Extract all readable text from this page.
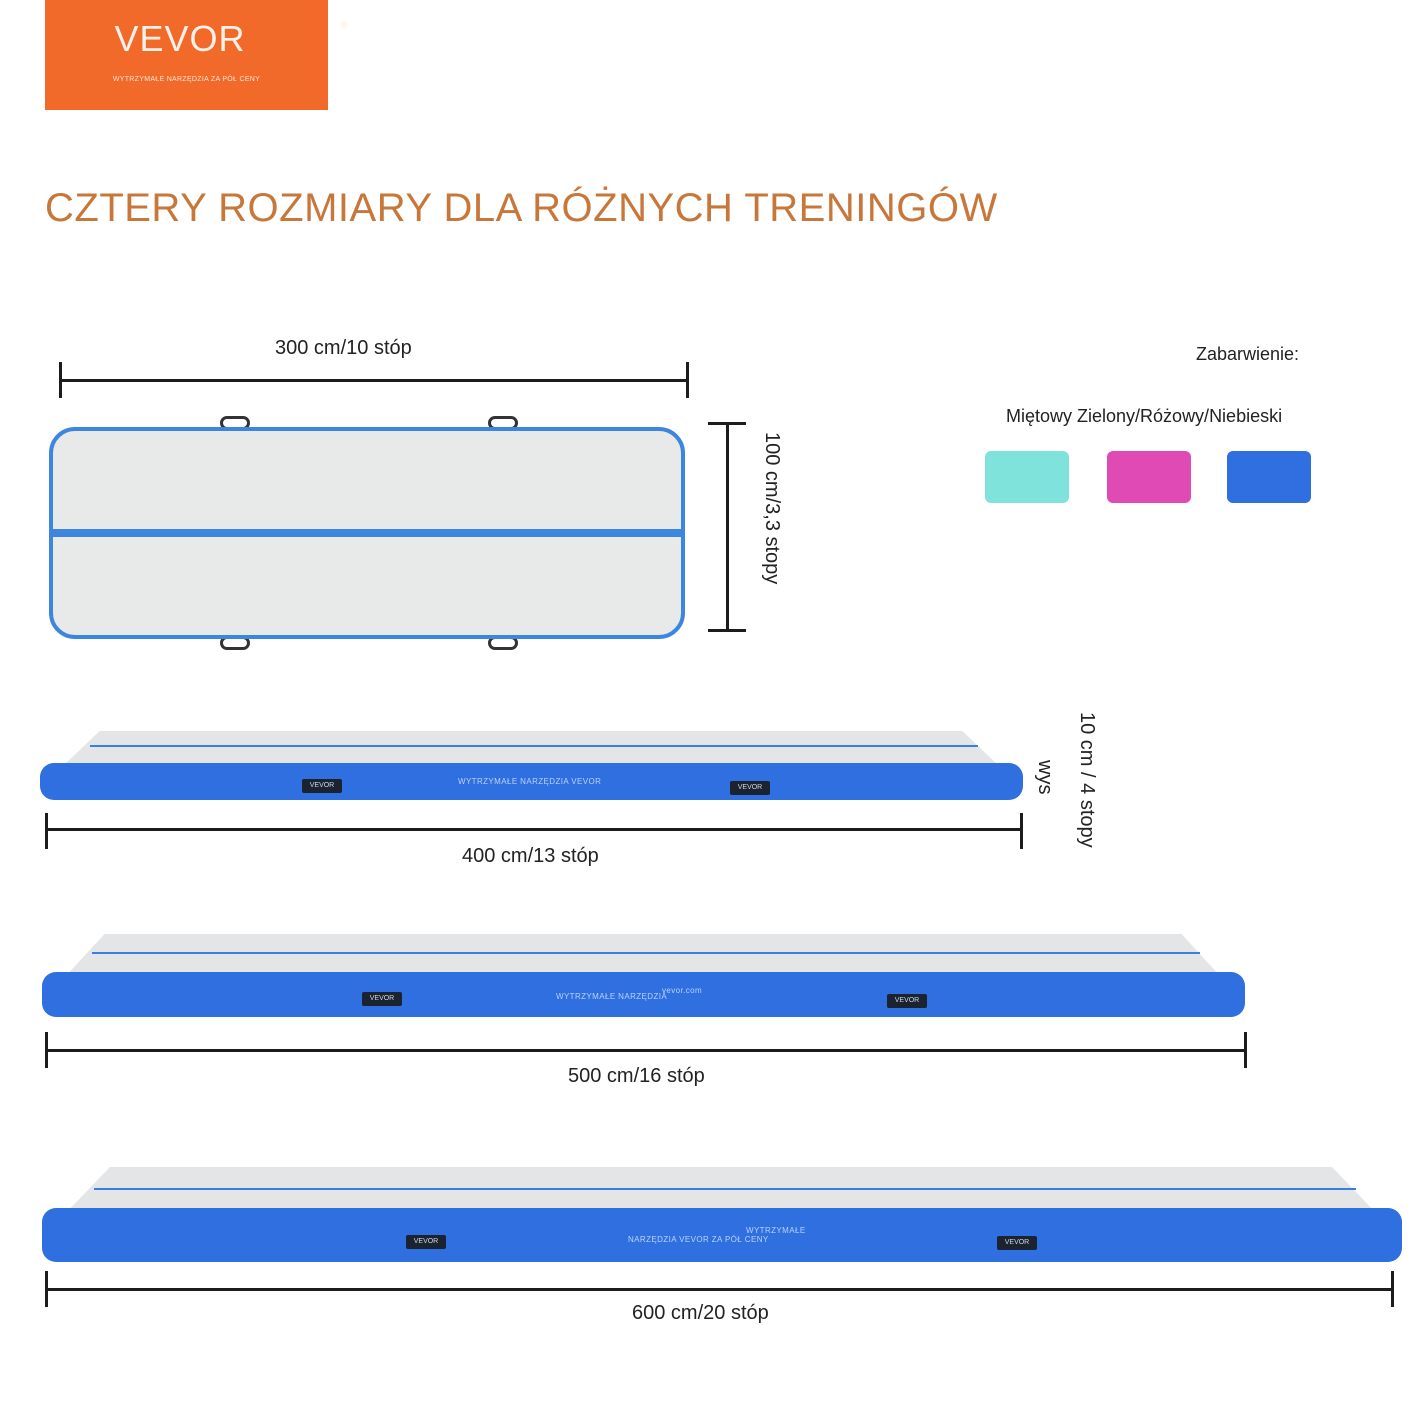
VEVOR	®
WYTRZYMAŁE NARZĘDZIA ZA PÓŁ CENY
CZTERY ROZMIARY DLA RÓŻNYCH TRENINGÓW
300 cm/10 stóp
100 cm/3,3 stopy
Zabarwienie:
Miętowy Zielony/Różowy/Niebieski
WYTRZYMAŁE NARZĘDZIA VEVOR
VEVOR	VEVOR
400 cm/13 stóp
10 cm / 4 stopy
wys
WYTRZYMAŁE NARZĘDZIA
vevor.com
VEVOR	VEVOR
500 cm/16 stóp
NARZĘDZIA VEVOR ZA PÓŁ CENY
WYTRZYMAŁE
VEVOR	VEVOR
600 cm/20 stóp
